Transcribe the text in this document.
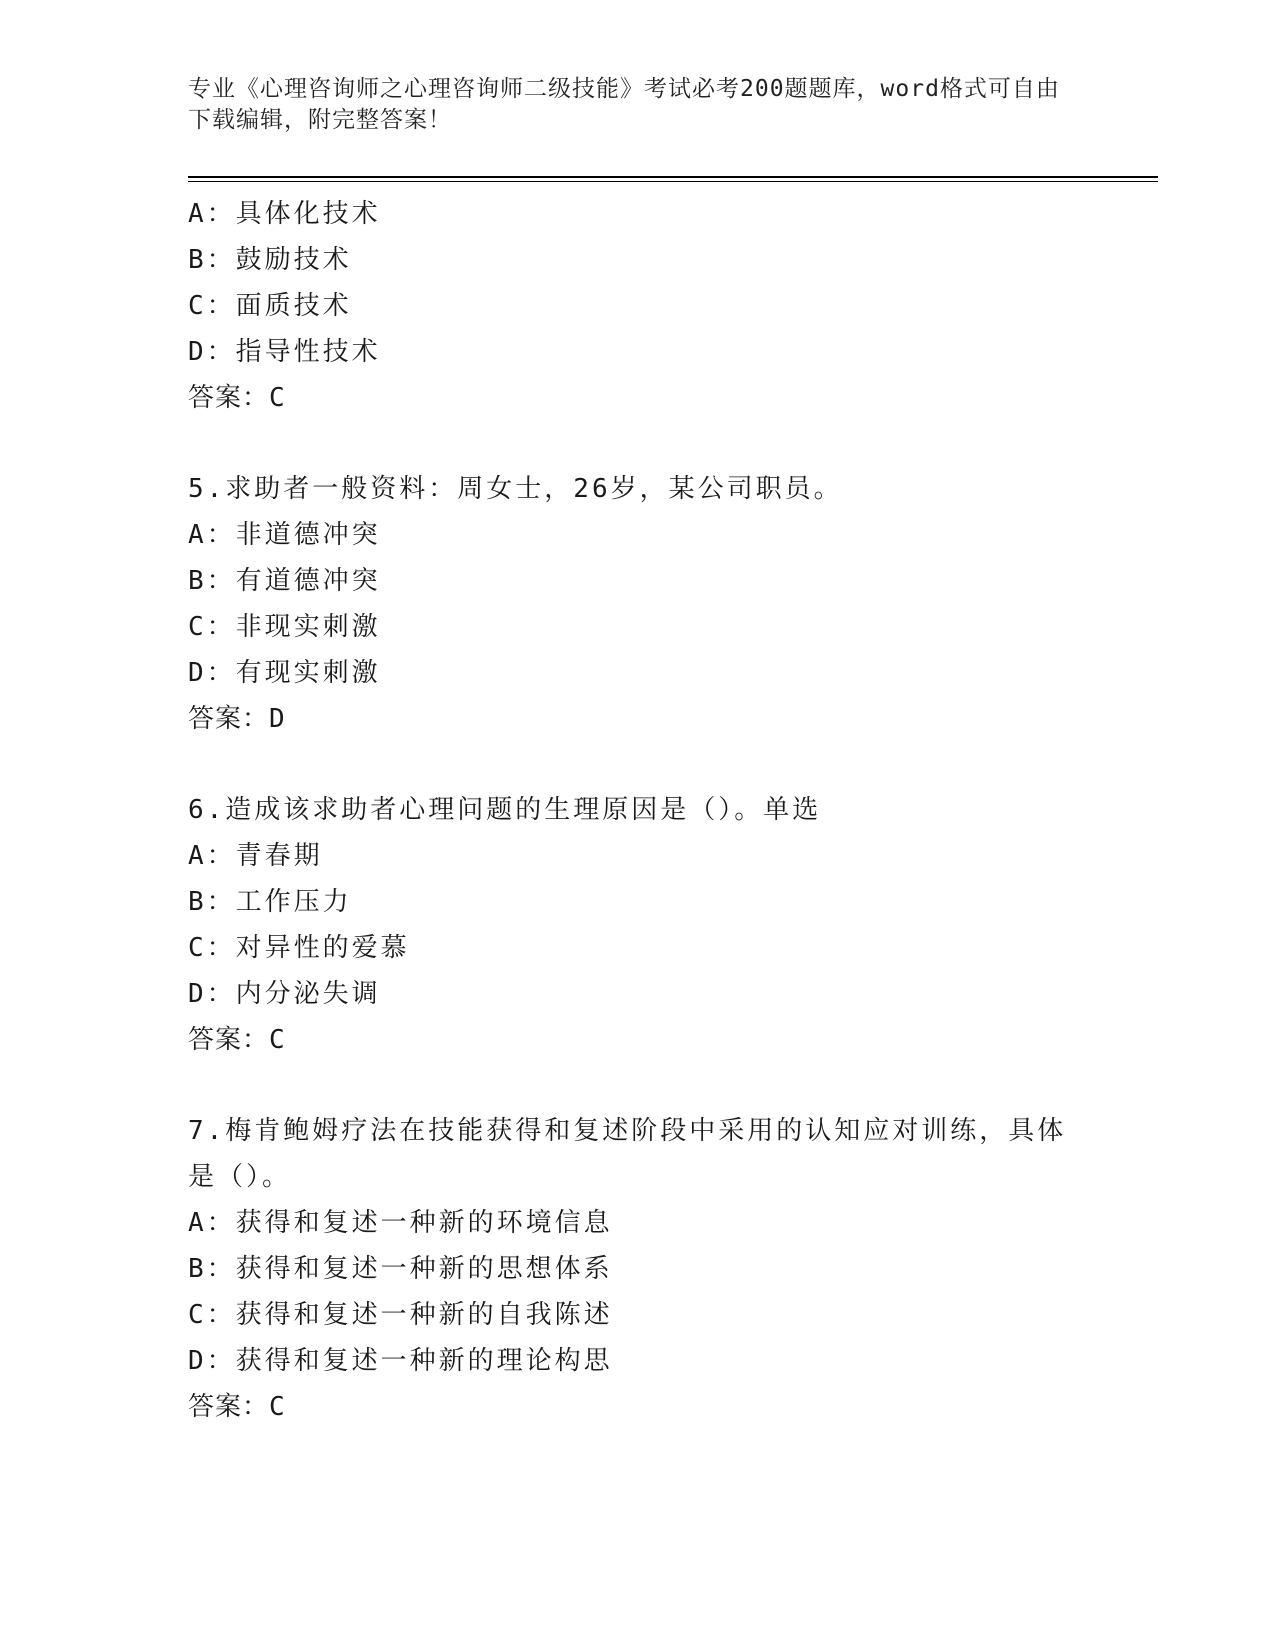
专业《心理咨询师之心理咨询师二级技能》考试必考200题题库，word格式可自由下载编辑，附完整答案！
A：具体化技术
B：鼓励技术
C：面质技术
D：指导性技术
答案：C
5.求助者一般资料：周女士，26岁，某公司职员。
A：非道德冲突
B：有道德冲突
C：非现实刺激
D：有现实刺激
答案：D
6.造成该求助者心理问题的生理原因是（）。单选
A：青春期
B：工作压力
C：对异性的爱慕
D：内分泌失调
答案：C
7.梅肯鲍姆疗法在技能获得和复述阶段中采用的认知应对训练，具体是（）。
A：获得和复述一种新的环境信息
B：获得和复述一种新的思想体系
C：获得和复述一种新的自我陈述
D：获得和复述一种新的理论构思
答案：C
